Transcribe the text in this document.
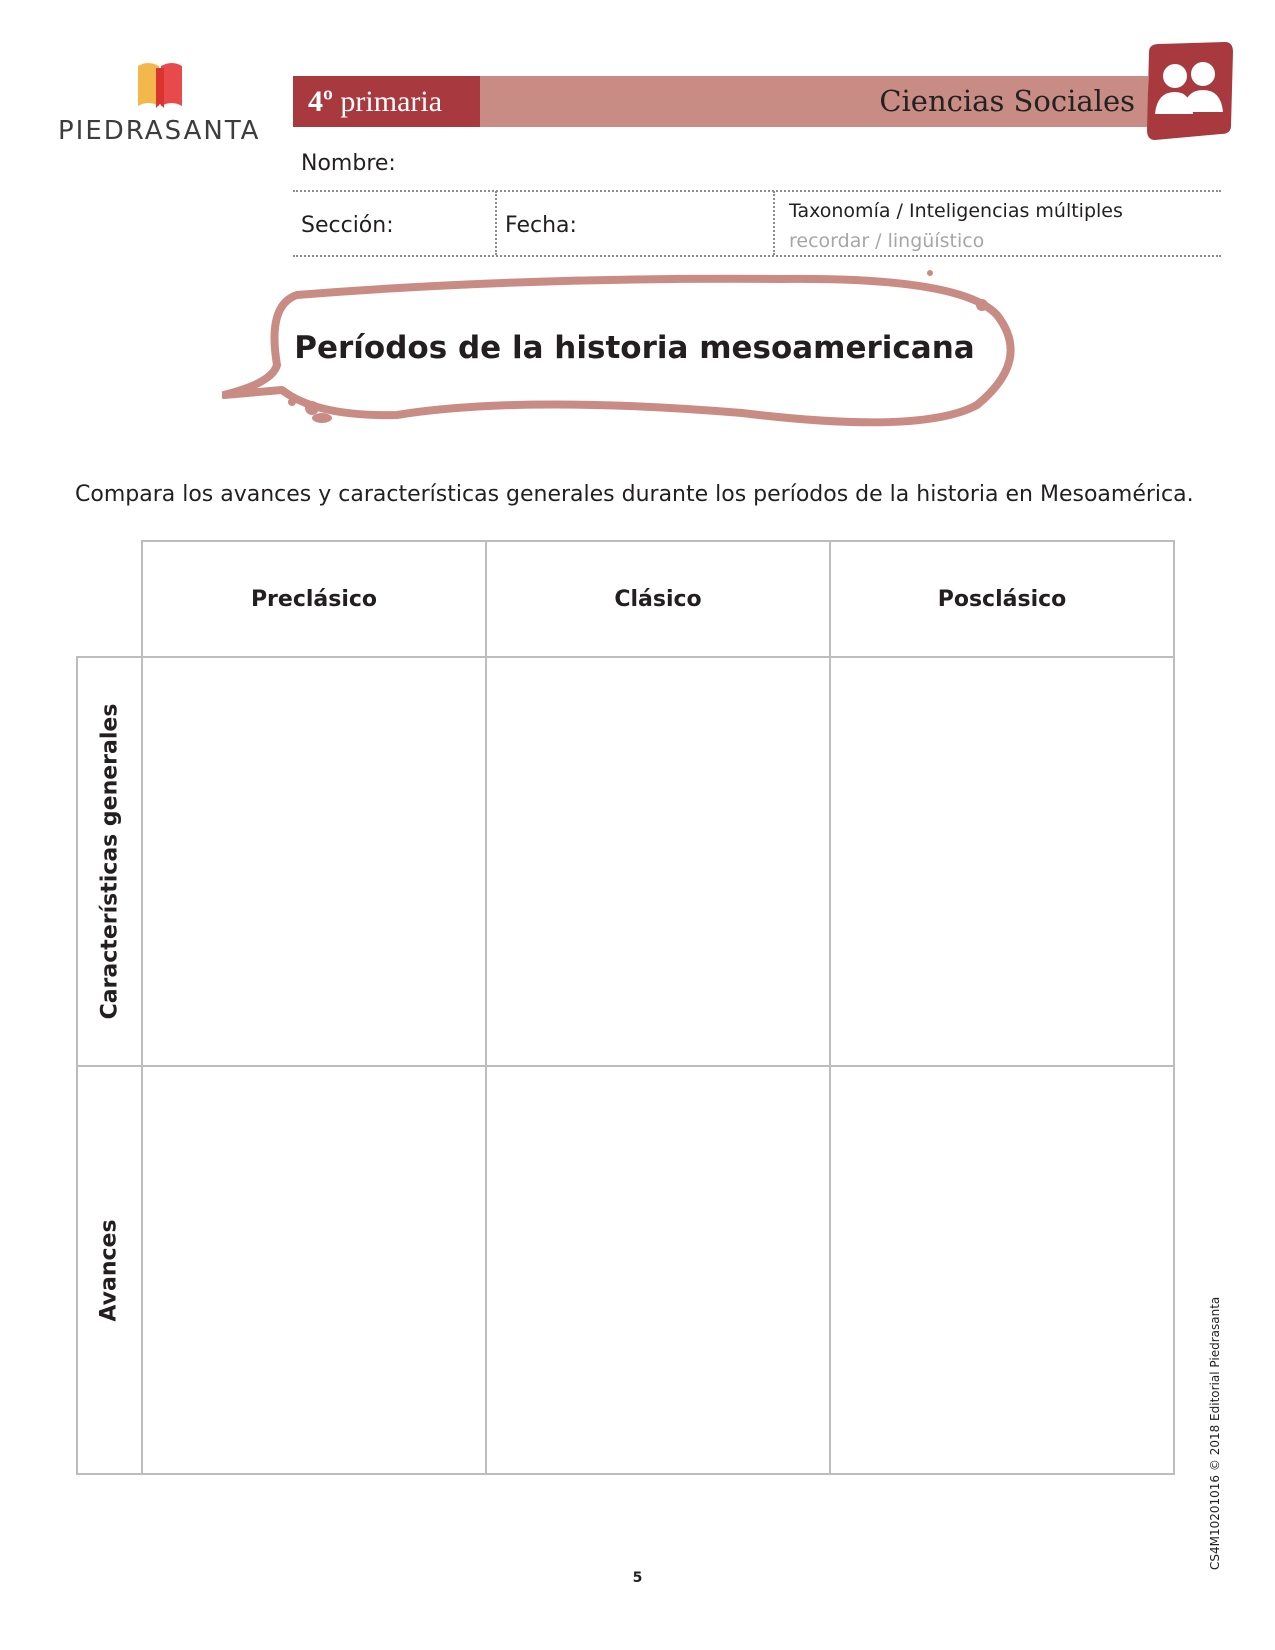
PIEDRASANTA
4º primaria	Ciencias Sociales
Nombre:
Sección:	Fecha:
Taxonomía / Inteligencias múltiples
recordar / lingüístico
Períodos de la historia mesoamericana
Compara los avances y características generales durante los períodos de la historia en Mesoamérica.
Preclásico	Clásico	Posclásico
Características generales
Avances
CS4M10201016 © 2018 Editorial Piedrasanta
5
